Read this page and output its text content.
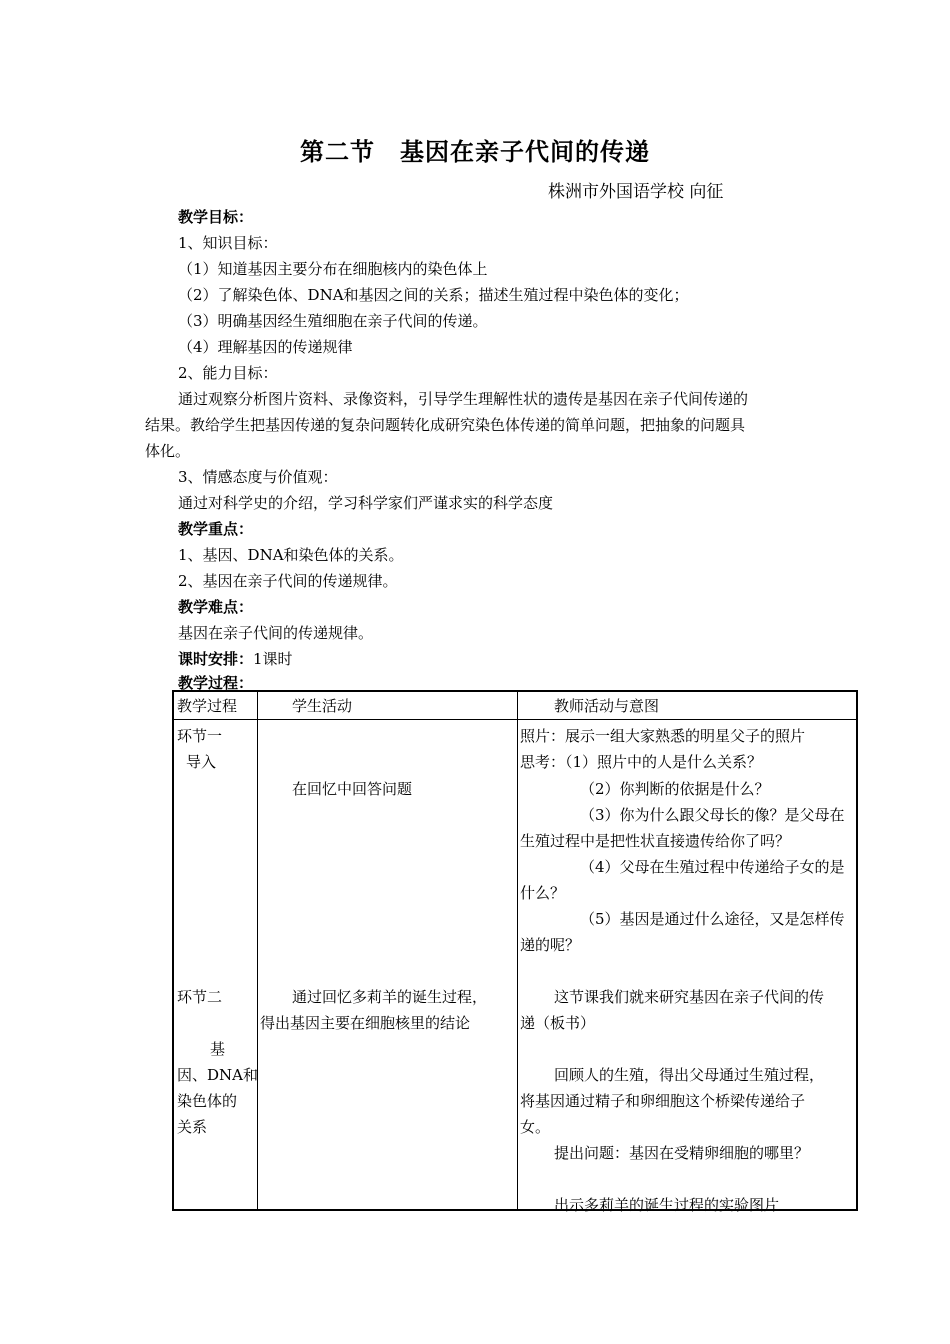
第二节　基因在亲子代间的传递
株洲市外国语学校 向征
教学目标：
1、知识目标：
（1）知道基因主要分布在细胞核内的染色体上
（2）了解染色体、DNA和基因之间的关系；描述生殖过程中染色体的变化；
（3）明确基因经生殖细胞在亲子代间的传递。
（4）理解基因的传递规律
2、能力目标：
通过观察分析图片资料、录像资料，引导学生理解性状的遗传是基因在亲子代间传递的
结果。教给学生把基因传递的复杂问题转化成研究染色体传递的简单问题，把抽象的问题具
体化。
3、情感态度与价值观：
通过对科学史的介绍，学习科学家们严谨求实的科学态度
教学重点：
1、基因、DNA和染色体的关系。
2、基因在亲子代间的传递规律。
教学难点：
基因在亲子代间的传递规律。
课时安排：1课时
教学过程：
教学过程	学生活动	教师活动与意图
环节一
导入
在回忆中回答问题
照片：展示一组大家熟悉的明星父子的照片
思考：（1）照片中的人是什么关系？
（2）你判断的依据是什么？
（3）你为什么跟父母长的像？是父母在
生殖过程中是把性状直接遗传给你了吗？
（4）父母在生殖过程中传递给子女的是
什么？
（5）基因是通过什么途径，又是怎样传
递的呢？
环节二
基
因、DNA和
染色体的
关系
通过回忆多莉羊的诞生过程，
得出基因主要在细胞核里的结论
这节课我们就来研究基因在亲子代间的传
递（板书）
回顾人的生殖，得出父母通过生殖过程，
将基因通过精子和卵细胞这个桥梁传递给子
女。
提出问题：基因在受精卵细胞的哪里？
出示多莉羊的诞生过程的实验图片
